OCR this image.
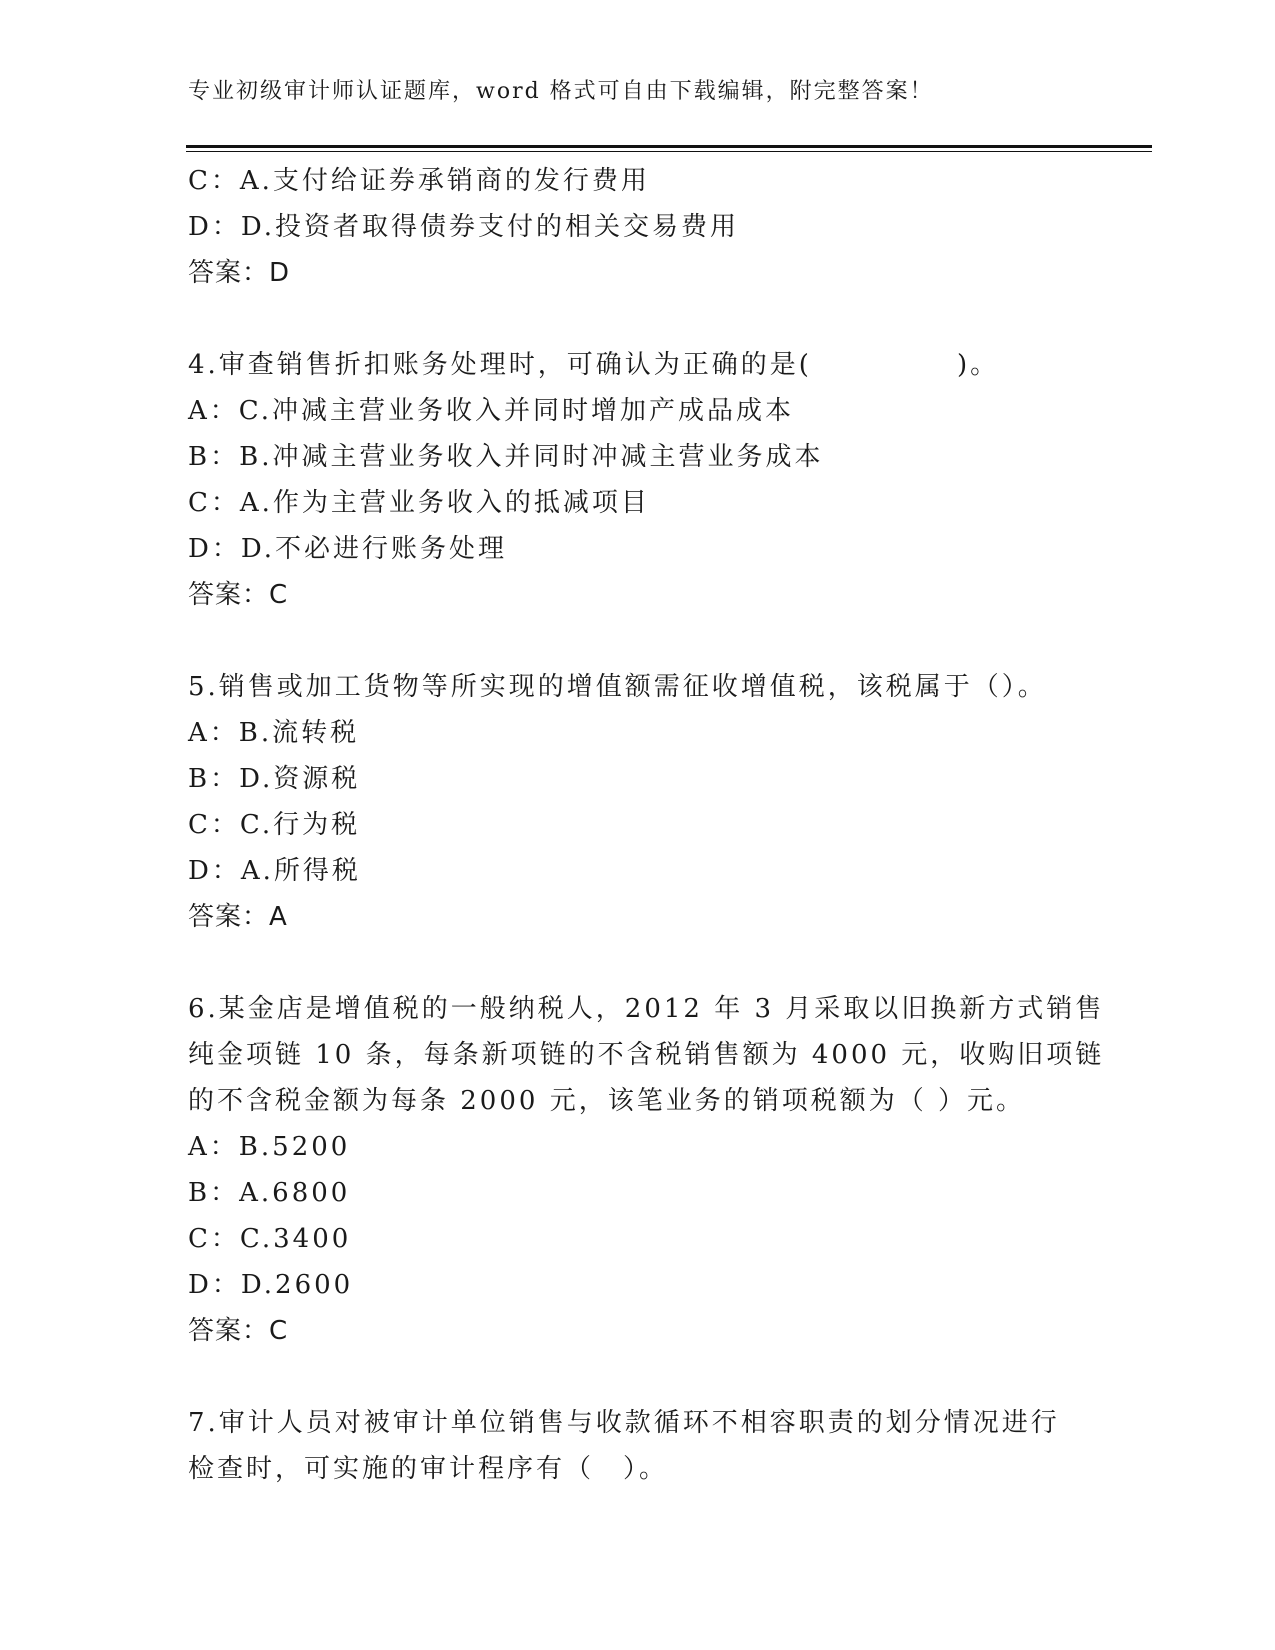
专业初级审计师认证题库，word 格式可自由下载编辑，附完整答案！
C：A.支付给证券承销商的发行费用
D：D.投资者取得债券支付的相关交易费用
答案：D
4.审查销售折扣账务处理时，可确认为正确的是(　　　　　)。
A：C.冲减主营业务收入并同时增加产成品成本
B：B.冲减主营业务收入并同时冲减主营业务成本
C：A.作为主营业务收入的抵减项目
D：D.不必进行账务处理
答案：C
5.销售或加工货物等所实现的增值额需征收增值税，该税属于（）。
A：B.流转税
B：D.资源税
C：C.行为税
D：A.所得税
答案：A
6.某金店是增值税的一般纳税人，2012 年 3 月采取以旧换新方式销售
纯金项链 10 条，每条新项链的不含税销售额为 4000 元，收购旧项链
的不含税金额为每条 2000 元，该笔业务的销项税额为（ ）元。
A：B.5200
B：A.6800
C：C.3400
D：D.2600
答案：C
7.审计人员对被审计单位销售与收款循环不相容职责的划分情况进行
检查时，可实施的审计程序有（　）。
